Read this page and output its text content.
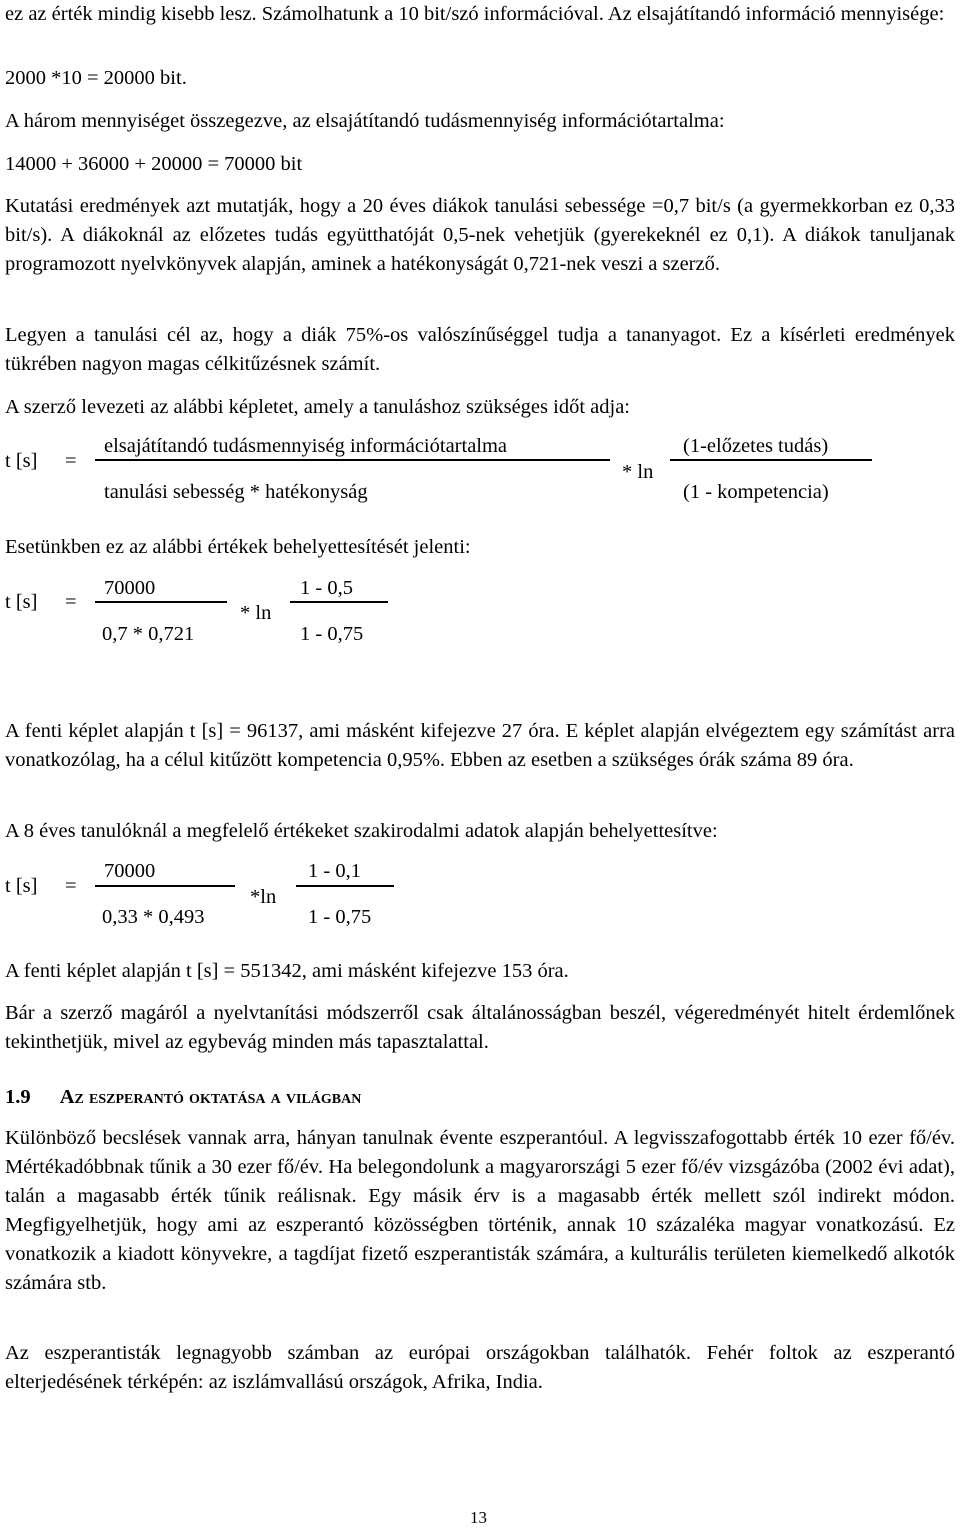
ez az érték mindig kisebb lesz. Számolhatunk a 10 bit/szó információval. Az elsajátítandó információ mennyisége:

2000 *10 = 20000 bit.

A három mennyiséget összegezve, az elsajátítandó tudásmennyiség információtartalma:

14000 + 36000 + 20000 = 70000 bit

Kutatási eredmények azt mutatják, hogy a 20 éves diákok tanulási sebessége =0,7 bit/s (a gyermekkorban ez 0,33 bit/s). A diákoknál az előzetes tudás együtthatóját 0,5-nek vehetjük (gyerekeknél ez 0,1). A diákok tanuljanak programozott nyelvkönyvek alapján, aminek a hatékonyságát 0,721-nek veszi a szerző.

Legyen a tanulási cél az, hogy a diák 75%-os valószínűséggel tudja a tananyagot. Ez a kísérleti eredmények tükrében nagyon magas célkitűzésnek számít.

A szerző levezeti az alábbi képletet, amely a tanuláshoz szükséges időt adja:

t [s] =
elsajátítandó tudásmennyiség információtartalma
tanulási sebesség * hatékonyság
* ln
(1-előzetes tudás)
(1 - kompetencia)

Esetünkben ez az alábbi értékek behelyettesítését jelenti:

t [s] =
70000
0,7 * 0,721
* ln
1 - 0,5
1 - 0,75

A fenti képlet alapján t [s] = 96137, ami másként kifejezve 27 óra. E képlet alapján elvégeztem egy számítást arra vonatkozólag, ha a célul kitűzött kompetencia 0,95%. Ebben az esetben a szükséges órák száma 89 óra.

A 8 éves tanulóknál a megfelelő értékeket szakirodalmi adatok alapján behelyettesítve:

t [s] =
70000
0,33 * 0,493
*ln
1 - 0,1
1 - 0,75

A fenti képlet alapján t [s] = 551342, ami másként kifejezve 153 óra.

Bár a szerző magáról a nyelvtanítási módszerről csak általánosságban beszél, végeredményét hitelt érdemlőnek tekinthetjük, mivel az egybevág minden más tapasztalattal.

1.9 Az eszperantó oktatása a világban

Különböző becslések vannak arra, hányan tanulnak évente eszperantóul. A legvisszafogottabb érték 10 ezer fő/év. Mértékadóbbnak tűnik a 30 ezer fő/év. Ha belegondolunk a magyarországi 5 ezer fő/év vizsgázóba (2002 évi adat), talán a magasabb érték tűnik reálisnak. Egy másik érv is a magasabb érték mellett szól indirekt módon. Megfigyelhetjük, hogy ami az eszperantó közösségben történik, annak 10 százaléka magyar vonatkozású. Ez vonatkozik a kiadott könyvekre, a tagdíjat fizető eszperantisták számára, a kulturális területen kiemelkedő alkotók számára stb.

Az eszperantisták legnagyobb számban az európai országokban találhatók. Fehér foltok az eszperantó elterjedésének térképén: az iszlámvallású országok, Afrika, India.

13
